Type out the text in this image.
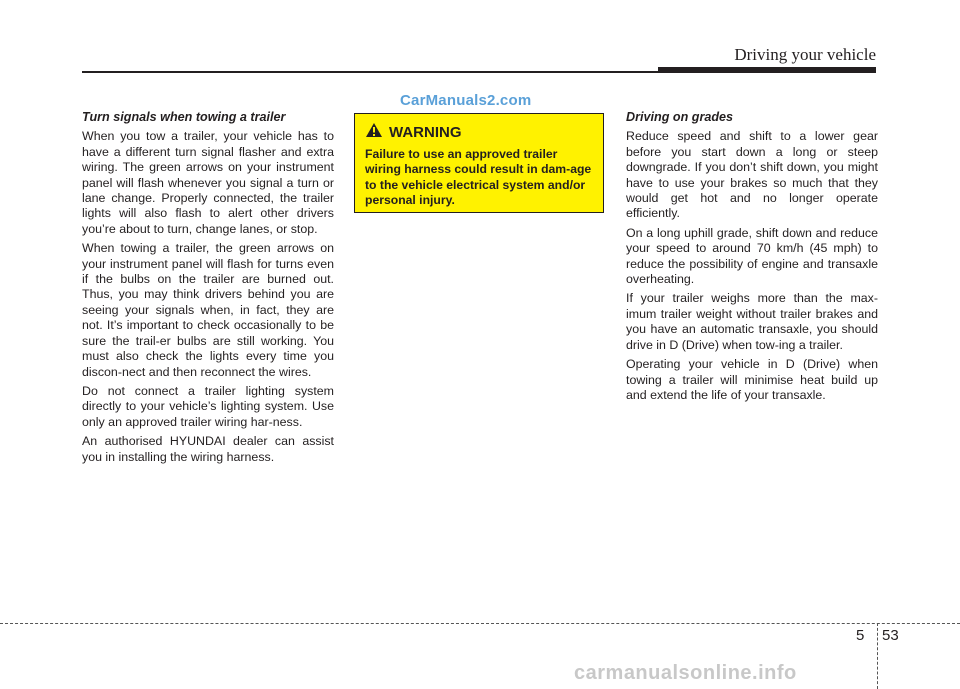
Driving your vehicle
CarManuals2.com

Turn signals when towing a trailer

When you tow a trailer, your vehicle has to have a different turn signal flasher and extra wiring. The green arrows on your instrument panel will flash whenever you signal a turn or lane change. Properly connected, the trailer lights will also flash to alert other drivers you’re about to turn, change lanes, or stop.

When towing a trailer, the green arrows on your instrument panel will flash for turns even if the bulbs on the trailer are burned out. Thus, you may think drivers behind you are seeing your signals when, in fact, they are not. It’s important to check occasionally to be sure the trail-er bulbs are still working. You must also check the lights every time you discon-nect and then reconnect the wires.

Do not connect a trailer lighting system directly to your vehicle’s lighting system. Use only an approved trailer wiring har-ness.

An authorised HYUNDAI dealer can assist you in installing the wiring harness.

WARNING
Failure to use an approved trailer wiring harness could result in dam-age to the vehicle electrical system and/or personal injury.

Driving on grades

Reduce speed and shift to a lower gear before you start down a long or steep downgrade. If you don’t shift down, you might have to use your brakes so much that they would get hot and no longer operate efficiently.

On a long uphill grade, shift down and reduce your speed to around 70 km/h (45 mph) to reduce the possibility of engine and transaxle overheating.

If your trailer weighs more than the max-imum trailer weight without trailer brakes and you have an automatic transaxle, you should drive in D (Drive) when tow-ing a trailer.

Operating your vehicle in D (Drive) when towing a trailer will minimise heat build up and extend the life of your transaxle.

5 53
carmanualsonline.info
